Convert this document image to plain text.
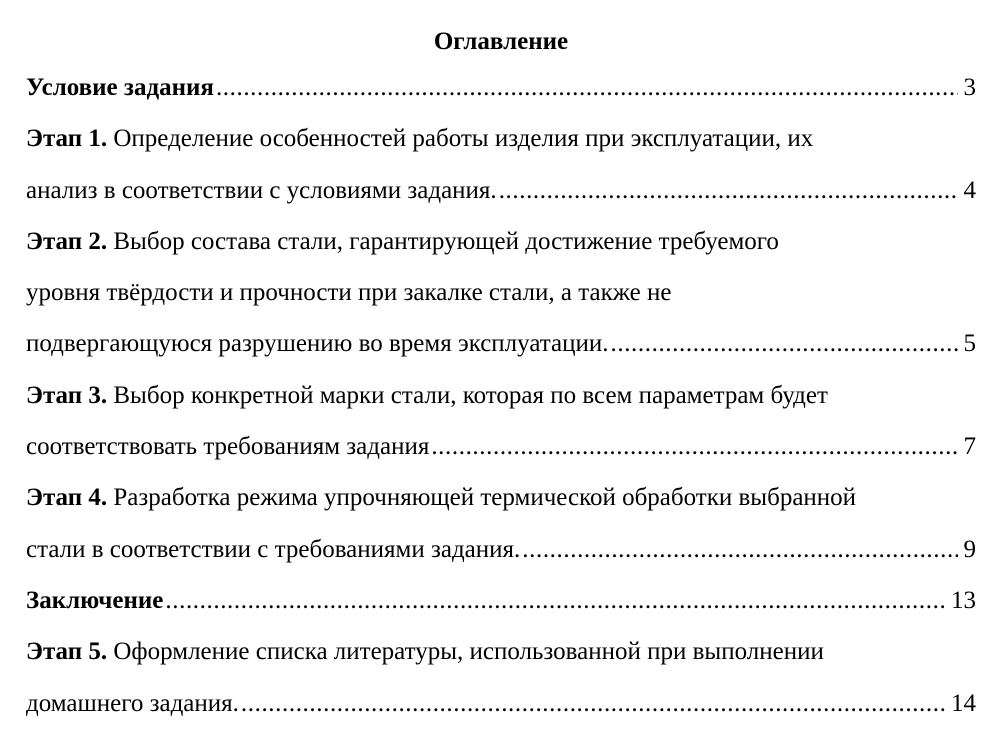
Оглавление
Условие задания .....	3
Этап 1. Определение особенностей работы изделия при эксплуатации, их
анализ в соответствии с условиями задания. .....	4
Этап 2. Выбор состава стали, гарантирующей достижение требуемого
уровня твёрдости и прочности при закалке стали, а также не
подвергающуюся разрушению во время эксплуатации. .....	5
Этап 3. Выбор конкретной марки стали, которая по всем параметрам будет
соответствовать требованиям задания .....	7
Этап 4. Разработка режима упрочняющей термической обработки выбранной
стали в соответствии с требованиями задания. .....	9
Заключение .....	13
Этап 5. Оформление списка литературы, использованной при выполнении
домашнего задания. .....	14
